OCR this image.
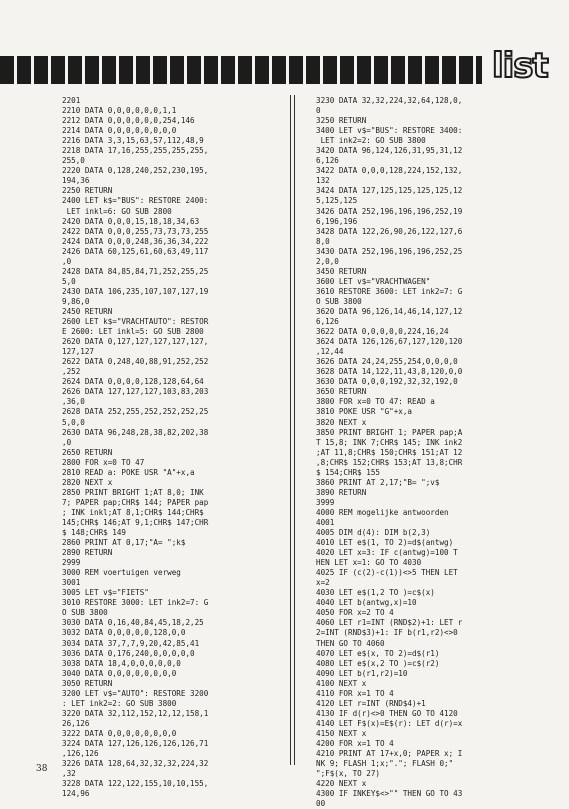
list
2201
2210 DATA 0,0,0,0,0,0,1,1
2212 DATA 0,0,0,0,0,0,254,146
2214 DATA 0,0,0,0,0,0,0,0
2216 DATA 3,3,15,63,57,112,48,9
2218 DATA 17,16,255,255,255,255,
255,0
2220 DATA 0,128,240,252,230,195,
194,36
2250 RETURN
2400 LET k$="BUS": RESTORE 2400:
LET inkl=6: GO SUB 2800
2420 DATA 0,0,0,15,18,18,34,63
2422 DATA 0,0,0,255,73,73,73,255
2424 DATA 0,0,0,248,36,36,34,222
2426 DATA 60,125,61,60,63,49,117
,0
2428 DATA 84,85,84,71,252,255,25
5,0
2430 DATA 106,235,107,107,127,19
9,86,0
2450 RETURN
2600 LET k$="VRACHTAUTO": RESTOR
E 2600: LET inkl=5: GO SUB 2800
2620 DATA 0,127,127,127,127,127,
127,127
2622 DATA 0,248,40,88,91,252,252
,252
2624 DATA 0,0,0,0,128,128,64,64
2626 DATA 127,127,127,103,83,203
,36,0
2628 DATA 252,255,252,252,252,25
5,0,0
2630 DATA 96,248,28,38,82,202,38
,0
2650 RETURN
2800 FOR x=0 TO 47
2810 READ a: POKE USR "A"+x,a
2820 NEXT x
2850 PRINT BRIGHT 1;AT 8,0; INK
7; PAPER pap;CHR$ 144; PAPER pap
; INK inkl;AT 8,1;CHR$ 144;CHR$
145;CHR$ 146;AT 9,1;CHR$ 147;CHR
$ 148;CHR$ 149
2860 PRINT AT 0,17;"A= ";k$
2890 RETURN
2999
3000 REM voertuigen verweg
3001
3005 LET v$="FIETS"
3010 RESTORE 3000: LET ink2=7: G
O SUB 3800
3030 DATA 0,16,40,84,45,18,2,25
3032 DATA 0,0,0,0,0,128,0,0
3034 DATA 37,7,7,9,20,42,85,41
3036 DATA 0,176,240,0,0,0,0,0
3038 DATA 18,4,0,0,0,0,0,0
3040 DATA 0,0,0,0,0,0,0,0
3050 RETURN
3200 LET v$="AUTO": RESTORE 3200
: LET ink2=2: GO SUB 3800
3220 DATA 32,112,152,12,12,158,1
26,126
3222 DATA 0,0,0,0,0,0,0,0
3224 DATA 127,126,126,126,126,71
,126,126
3226 DATA 128,64,32,32,32,224,32
,32
3228 DATA 122,122,155,10,10,155,
124,96
3230 DATA 32,32,224,32,64,128,0,
0
3250 RETURN
3400 LET v$="BUS": RESTORE 3400:
LET ink2=2: GO SUB 3800
3420 DATA 96,124,126,31,95,31,12
6,126
3422 DATA 0,0,0,128,224,152,132,
132
3424 DATA 127,125,125,125,125,12
5,125,125
3426 DATA 252,196,196,196,252,19
6,196,196
3428 DATA 122,26,90,26,122,127,6
8,0
3430 DATA 252,196,196,196,252,25
2,0,0
3450 RETURN
3600 LET v$="VRACHTWAGEN"
3610 RESTORE 3600: LET ink2=7: G
O SUB 3800
3620 DATA 96,126,14,46,14,127,12
6,126
3622 DATA 0,0,0,0,0,224,16,24
3624 DATA 126,126,67,127,120,120
,12,44
3626 DATA 24,24,255,254,0,0,0,0
3628 DATA 14,122,11,43,8,120,0,0
3630 DATA 0,0,0,192,32,32,192,0
3650 RETURN
3800 FOR x=0 TO 47: READ a
3810 POKE USR "G"+x,a
3820 NEXT x
3850 PRINT BRIGHT 1; PAPER pap;A
T 15,8; INK 7;CHR$ 145; INK ink2
;AT 11,8;CHR$ 150;CHR$ 151;AT 12
,8;CHR$ 152;CHR$ 153;AT 13,8;CHR
$ 154;CHR$ 155
3860 PRINT AT 2,17;"B= ";v$
3890 RETURN
3999
4000 REM mogelijke antwoorden
4001
4005 DIM d(4): DIM b(2,3)
4010 LET e$(1, TO 2)=d$(antwg)
4020 LET x=3: IF c(antwg)=100 T
HEN LET x=1: GO TO 4030
4025 IF (c(2)-c(1))<>5 THEN LET
x=2
4030 LET e$(1,2 TO )=c$(x)
4040 LET b(antwg,x)=10
4050 FOR x=2 TO 4
4060 LET r1=INT (RND$2)+1: LET r
2=INT (RND$3)+1: IF b(r1,r2)<>0
THEN GO TO 4060
4070 LET e$(x, TO 2)=d$(r1)
4080 LET e$(x,2 TO )=c$(r2)
4090 LET b(r1,r2)=10
4100 NEXT x
4110 FOR x=1 TO 4
4120 LET r=INT (RND$4)+1
4130 IF d(r)<>0 THEN GO TO 4120
4140 LET F$(x)=E$(r): LET d(r)=x
4150 NEXT x
4200 FOR x=1 TO 4
4210 PRINT AT 17+x,0; PAPER x; I
NK 9; FLASH 1;x;"."; FLASH 0;"
";F$(x, TO 27)
4220 NEXT x
4300 IF INKEY$<>"" THEN GO TO 43
00
38
